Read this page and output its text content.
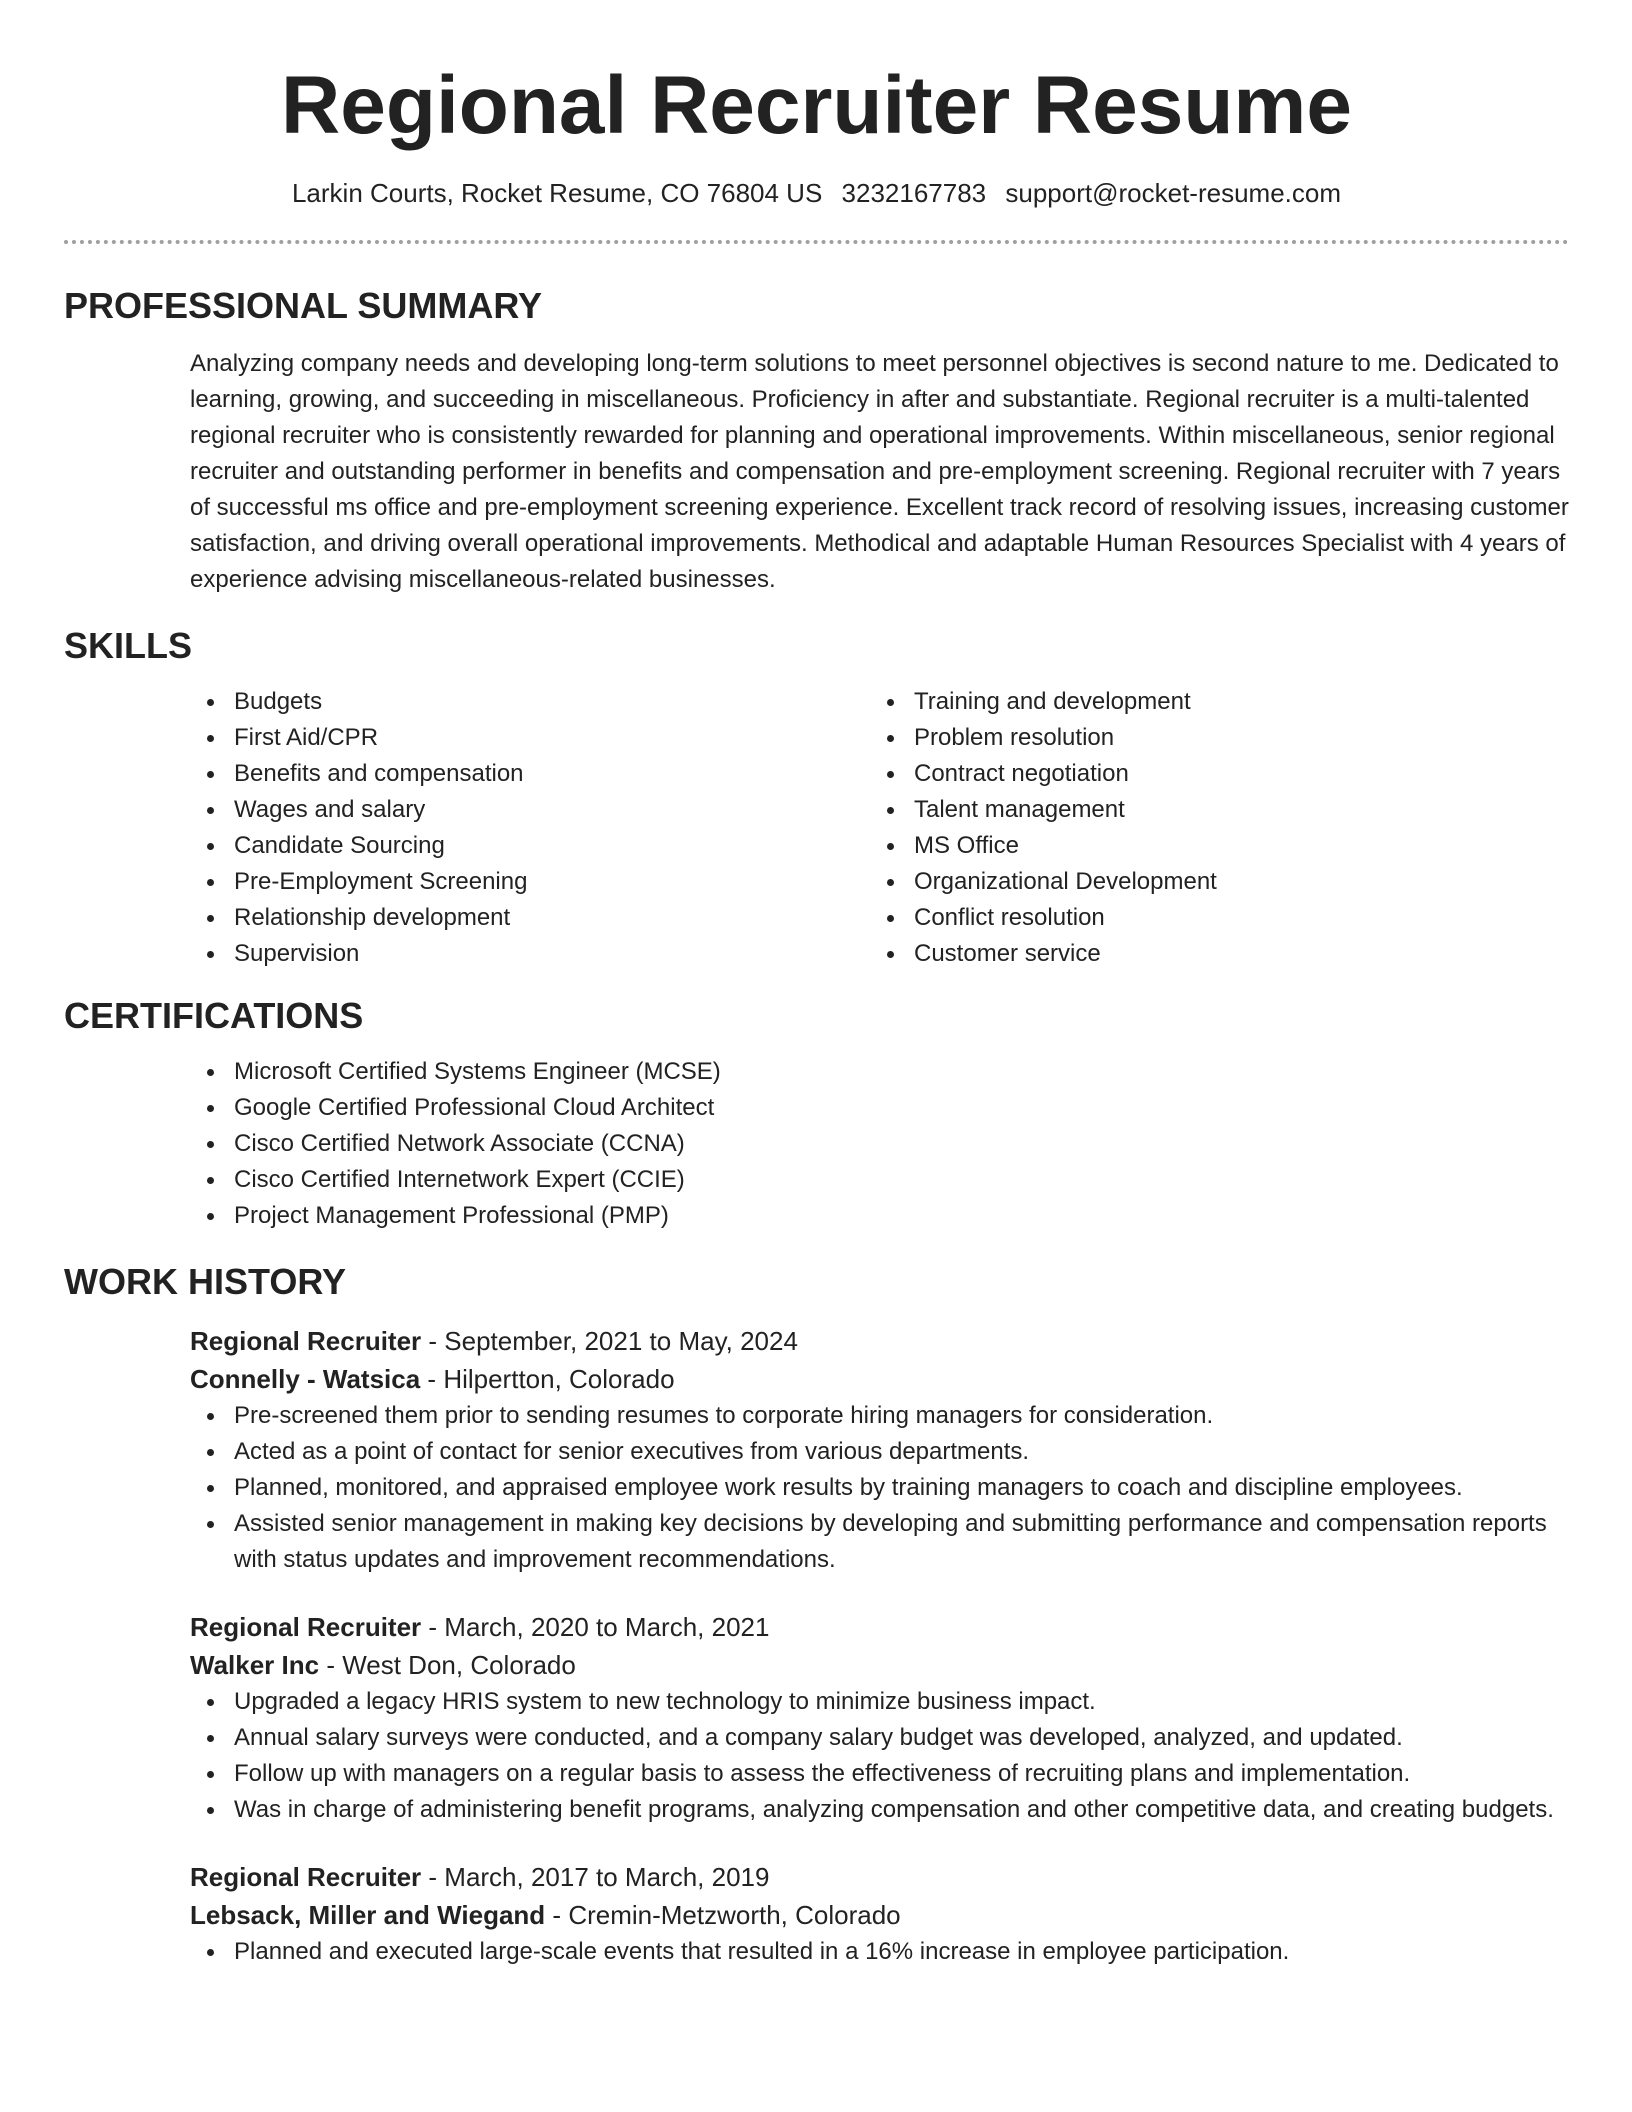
Regional Recruiter Resume
Larkin Courts, Rocket Resume, CO 76804 US 3232167783 support@rocket-resume.com
PROFESSIONAL SUMMARY
Analyzing company needs and developing long-term solutions to meet personnel objectives is second nature to me. Dedicated to learning, growing, and succeeding in miscellaneous. Proficiency in after and substantiate. Regional recruiter is a multi-talented regional recruiter who is consistently rewarded for planning and operational improvements. Within miscellaneous, senior regional recruiter and outstanding performer in benefits and compensation and pre-employment screening. Regional recruiter with 7 years of successful ms office and pre-employment screening experience. Excellent track record of resolving issues, increasing customer satisfaction, and driving overall operational improvements. Methodical and adaptable Human Resources Specialist with 4 years of experience advising miscellaneous-related businesses.
SKILLS
Budgets
First Aid/CPR
Benefits and compensation
Wages and salary
Candidate Sourcing
Pre-Employment Screening
Relationship development
Supervision
Training and development
Problem resolution
Contract negotiation
Talent management
MS Office
Organizational Development
Conflict resolution
Customer service
CERTIFICATIONS
Microsoft Certified Systems Engineer (MCSE)
Google Certified Professional Cloud Architect
Cisco Certified Network Associate (CCNA)
Cisco Certified Internetwork Expert (CCIE)
Project Management Professional (PMP)
WORK HISTORY
Regional Recruiter - September, 2021 to May, 2024
Connelly - Watsica - Hilpertton, Colorado
Pre-screened them prior to sending resumes to corporate hiring managers for consideration.
Acted as a point of contact for senior executives from various departments.
Planned, monitored, and appraised employee work results by training managers to coach and discipline employees.
Assisted senior management in making key decisions by developing and submitting performance and compensation reports with status updates and improvement recommendations.
Regional Recruiter - March, 2020 to March, 2021
Walker Inc - West Don, Colorado
Upgraded a legacy HRIS system to new technology to minimize business impact.
Annual salary surveys were conducted, and a company salary budget was developed, analyzed, and updated.
Follow up with managers on a regular basis to assess the effectiveness of recruiting plans and implementation.
Was in charge of administering benefit programs, analyzing compensation and other competitive data, and creating budgets.
Regional Recruiter - March, 2017 to March, 2019
Lebsack, Miller and Wiegand - Cremin-Metzworth, Colorado
Planned and executed large-scale events that resulted in a 16% increase in employee participation.
